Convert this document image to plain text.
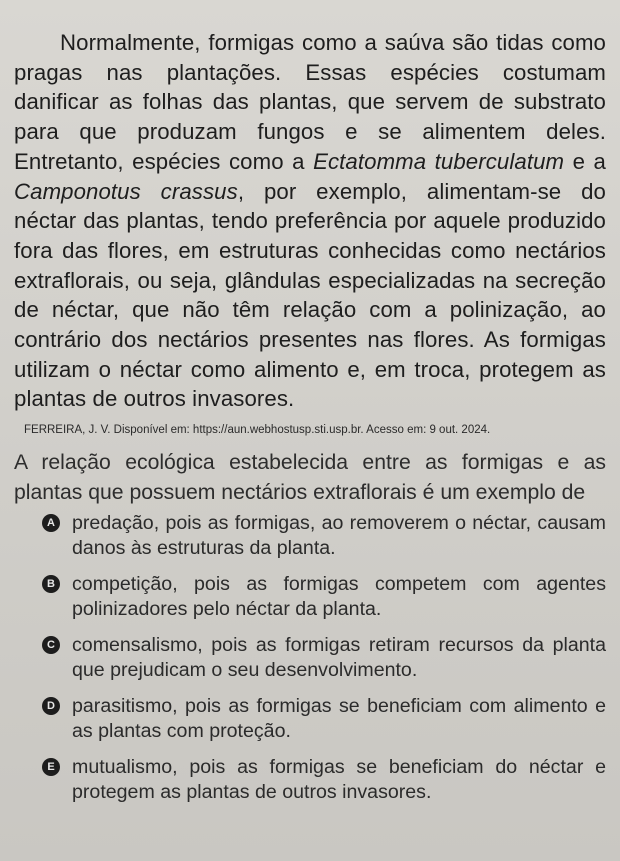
Normalmente, formigas como a saúva são tidas como pragas nas plantações. Essas espécies costumam danificar as folhas das plantas, que servem de substrato para que produzam fungos e se alimentem deles. Entretanto, espécies como a Ectatomma tuberculatum e a Camponotus crassus, por exemplo, alimentam-se do néctar das plantas, tendo preferência por aquele produzido fora das flores, em estruturas conhecidas como nectários extraflorais, ou seja, glândulas especializadas na secreção de néctar, que não têm relação com a polinização, ao contrário dos nectários presentes nas flores. As formigas utilizam o néctar como alimento e, em troca, protegem as plantas de outros invasores.

FERREIRA, J. V. Disponível em: https://aun.webhostusp.sti.usp.br. Acesso em: 9 out. 2024.

A relação ecológica estabelecida entre as formigas e as plantas que possuem nectários extraflorais é um exemplo de

A predação, pois as formigas, ao removerem o néctar, causam danos às estruturas da planta.
B competição, pois as formigas competem com agentes polinizadores pelo néctar da planta.
C comensalismo, pois as formigas retiram recursos da planta que prejudicam o seu desenvolvimento.
D parasitismo, pois as formigas se beneficiam com alimento e as plantas com proteção.
E mutualismo, pois as formigas se beneficiam do néctar e protegem as plantas de outros invasores.
